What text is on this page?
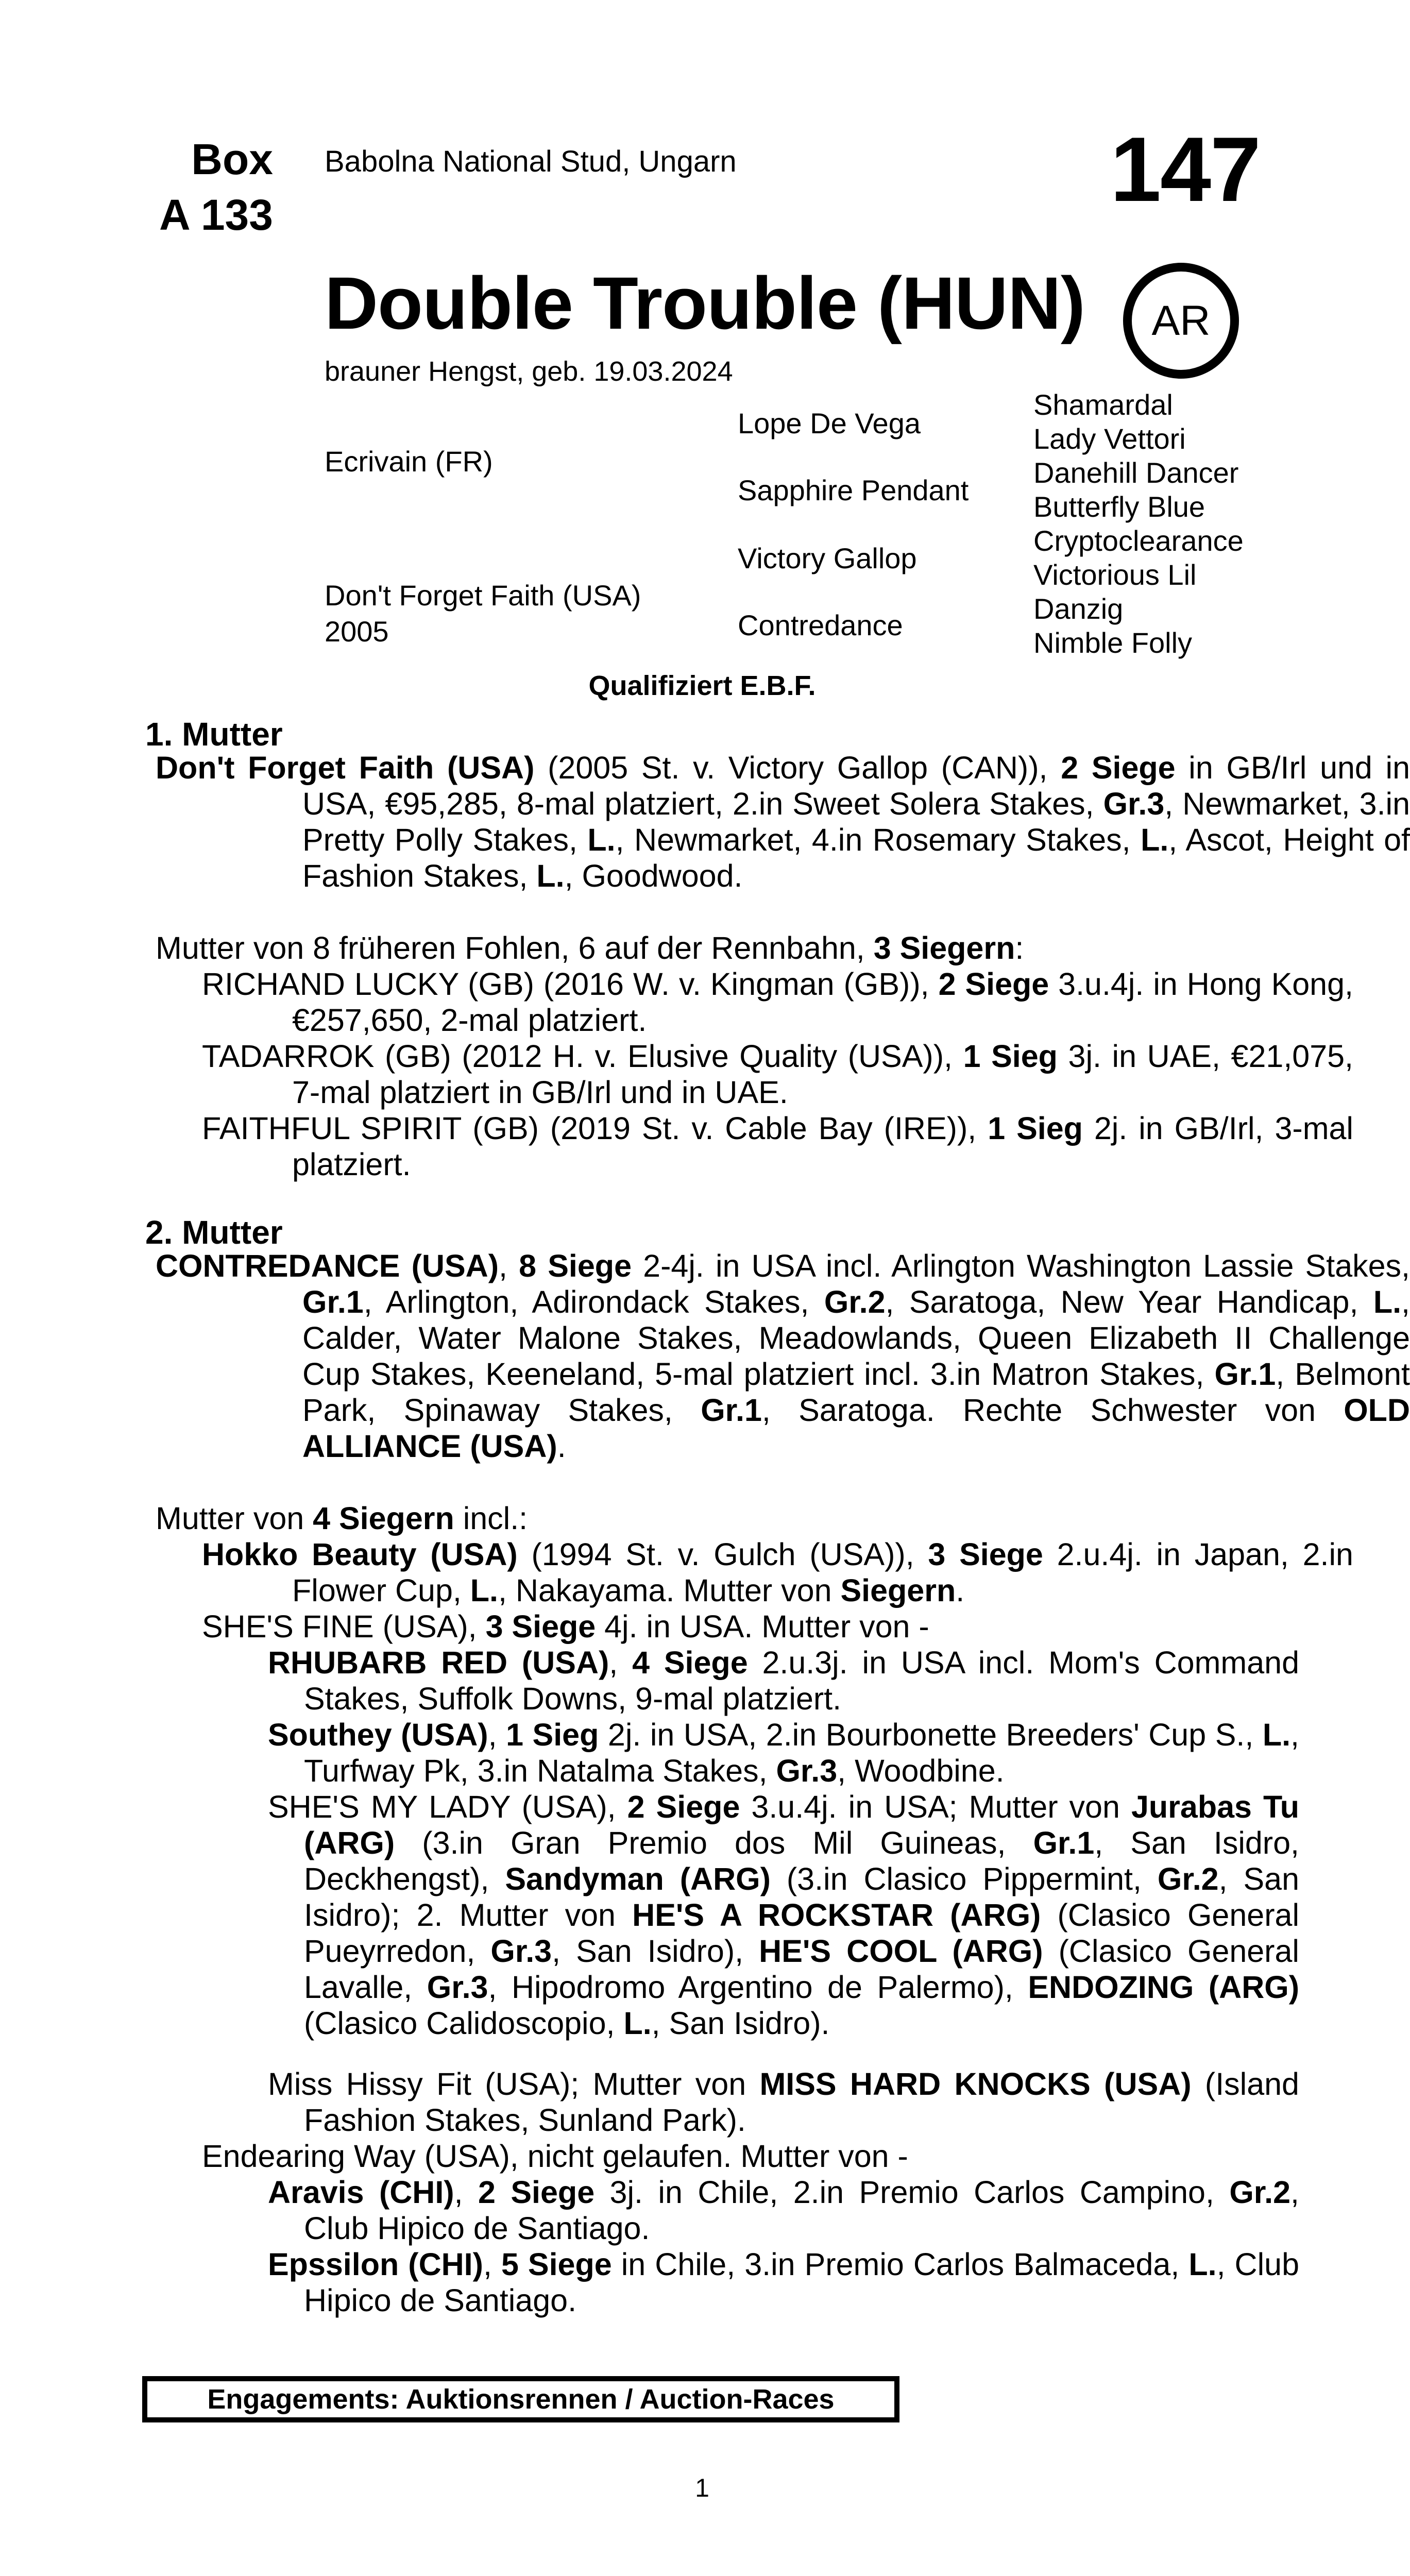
Box
A 133
Babolna National Stud, Ungarn	147
Double Trouble (HUN) AR
brauner Hengst, geb. 19.03.2024
Ecrivain (FR)
Don't Forget Faith (USA)
2005
Lope De Vega
Sapphire Pendant
Victory Gallop
Contredance
Shamardal
Lady Vettori
Danehill Dancer
Butterfly Blue
Cryptoclearance
Victorious Lil
Danzig
Nimble Folly
Qualifiziert E.B.F.
1. Mutter
Don't Forget Faith (USA) (2005 St. v. Victory Gallop (CAN)), 2 Siege in GB/Irl und in USA, €95,285, 8-mal platziert, 2.in Sweet Solera Stakes, Gr.3, Newmarket, 3.in Pretty Polly Stakes, L., Newmarket, 4.in Rosemary Stakes, L., Ascot, Height of Fashion Stakes, L., Goodwood.
Mutter von 8 früheren Fohlen, 6 auf der Rennbahn, 3 Siegern:
RICHAND LUCKY (GB) (2016 W. v. Kingman (GB)), 2 Siege 3.u.4j. in Hong Kong, €257,650, 2-mal platziert.
TADARROK (GB) (2012 H. v. Elusive Quality (USA)), 1 Sieg 3j. in UAE, €21,075, 7-mal platziert in GB/Irl und in UAE.
FAITHFUL SPIRIT (GB) (2019 St. v. Cable Bay (IRE)), 1 Sieg 2j. in GB/Irl, 3-mal platziert.
2. Mutter
CONTREDANCE (USA), 8 Siege 2-4j. in USA incl. Arlington Washington Lassie Stakes, Gr.1, Arlington, Adirondack Stakes, Gr.2, Saratoga, New Year Handicap, L., Calder, Water Malone Stakes, Meadowlands, Queen Elizabeth II Challenge Cup Stakes, Keeneland, 5-mal platziert incl. 3.in Matron Stakes, Gr.1, Belmont Park, Spinaway Stakes, Gr.1, Saratoga. Rechte Schwester von OLD ALLIANCE (USA).
Mutter von 4 Siegern incl.:
Hokko Beauty (USA) (1994 St. v. Gulch (USA)), 3 Siege 2.u.4j. in Japan, 2.in Flower Cup, L., Nakayama. Mutter von Siegern.
SHE'S FINE (USA), 3 Siege 4j. in USA. Mutter von -
RHUBARB RED (USA), 4 Siege 2.u.3j. in USA incl. Mom's Command Stakes, Suffolk Downs, 9-mal platziert.
Southey (USA), 1 Sieg 2j. in USA, 2.in Bourbonette Breeders' Cup S., L., Turfway Pk, 3.in Natalma Stakes, Gr.3, Woodbine.
SHE'S MY LADY (USA), 2 Siege 3.u.4j. in USA; Mutter von Jurabas Tu (ARG) (3.in Gran Premio dos Mil Guineas, Gr.1, San Isidro, Deckhengst), Sandyman (ARG) (3.in Clasico Pippermint, Gr.2, San Isidro); 2. Mutter von HE'S A ROCKSTAR (ARG) (Clasico General Pueyrredon, Gr.3, San Isidro), HE'S COOL (ARG) (Clasico General Lavalle, Gr.3, Hipodromo Argentino de Palermo), ENDOZING (ARG) (Clasico Calidoscopio, L., San Isidro).
Miss Hissy Fit (USA); Mutter von MISS HARD KNOCKS (USA) (Island Fashion Stakes, Sunland Park).
Endearing Way (USA), nicht gelaufen. Mutter von -
Aravis (CHI), 2 Siege 3j. in Chile, 2.in Premio Carlos Campino, Gr.2, Club Hipico de Santiago.
Epssilon (CHI), 5 Siege in Chile, 3.in Premio Carlos Balmaceda, L., Club Hipico de Santiago.
Engagements: Auktionsrennen / Auction-Races
1
